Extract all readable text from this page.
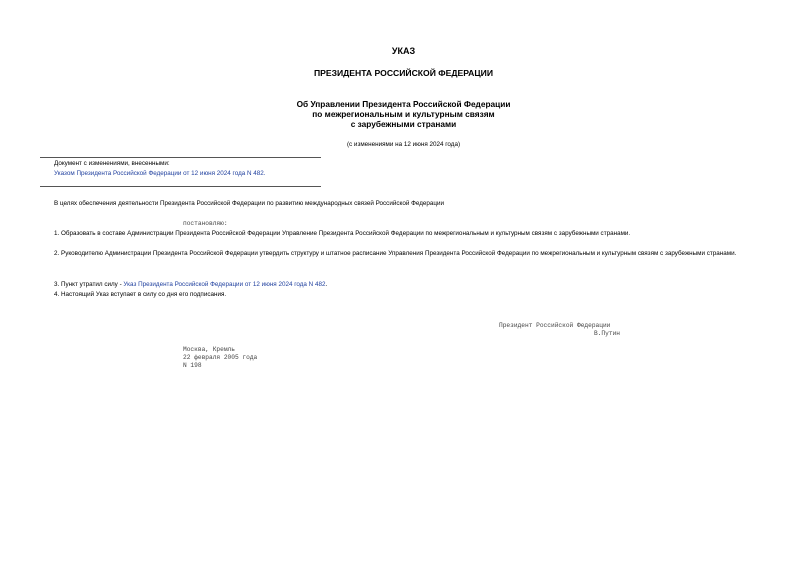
УКАЗ
ПРЕЗИДЕНТА РОССИЙСКОЙ ФЕДЕРАЦИИ
Об Управлении Президента Российской Федерации
по межрегиональным и культурным связям
с зарубежными странами
(с изменениями на 12 июня 2024 года)
Документ с изменениями, внесенными:
Указом Президента Российской Федерации от 12 июня 2024 года N 482.
В целях обеспечения деятельности Президента Российской Федерации по развитию международных связей Российской Федерации
постановляю:
1. Образовать в составе Администрации Президента Российской Федерации Управление Президента Российской Федерации по межрегиональным и культурным связям с зарубежными странами.
2. Руководителю Администрации Президента Российской Федерации утвердить структуру и штатное расписание Управления Президента Российской Федерации по межрегиональным и культурным связям с зарубежными странами.
3. Пункт утратил силу - Указ Президента Российской Федерации от 12 июня 2024 года N 482.
4. Настоящий Указ вступает в силу со дня его подписания.
Президент Российской Федерации
В.Путин
Москва, Кремль
22 февраля 2005 года
N 198
